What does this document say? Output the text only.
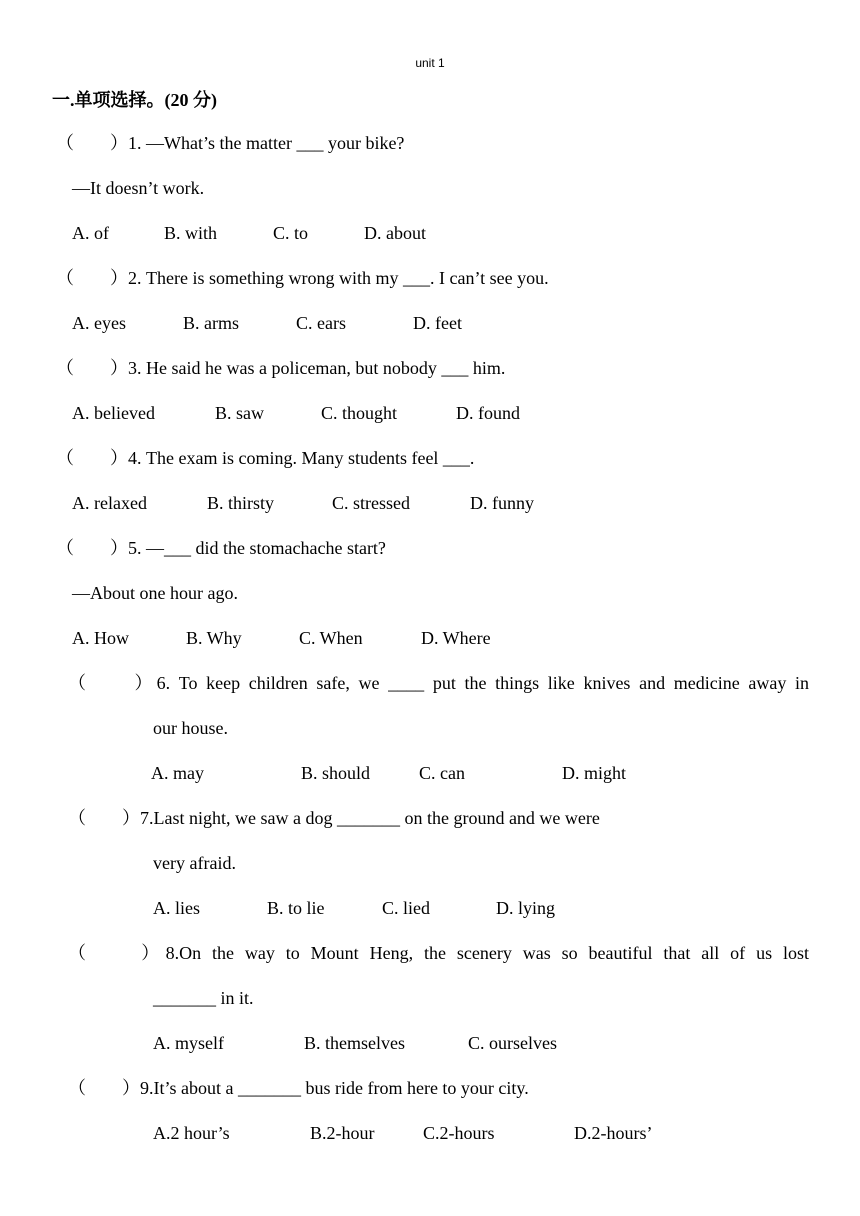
unit 1
一.单项选择。(20 分)
（　　）1. —What’s the matter ___ your bike?
—It doesn’t work.
A. of	B. with	C. to	D. about
（　　）2. There is something wrong with my ___. I can’t see you.
A. eyes	B. arms	C. ears	D. feet
（　　）3. He said he was a policeman, but nobody ___ him.
A. believed	B. saw	C. thought	D. found
（　　）4. The exam is coming. Many students feel ___.
A. relaxed	B. thirsty	C. stressed	D. funny
（　　）5. —___ did the stomachache start?
—About one hour ago.
A. How	B. Why	C. When	D. Where
（　　）6. To keep children safe, we ____ put the things like knives and medicine away in
our house.
A. may	B. should	C. can	D. might
（　　）7.Last night, we saw a dog _______ on the ground and we were
very afraid.
A. lies	B. to lie	C. lied	D. lying
（　　）8.On the way to Mount Heng, the scenery was so beautiful that all of us lost
_______ in it.
A. myself	B. themselves	C. ourselves
（　　）9.It’s about a _______ bus ride from here to your city.
A.2 hour’s	B.2-hour	C.2-hours	D.2-hours’
